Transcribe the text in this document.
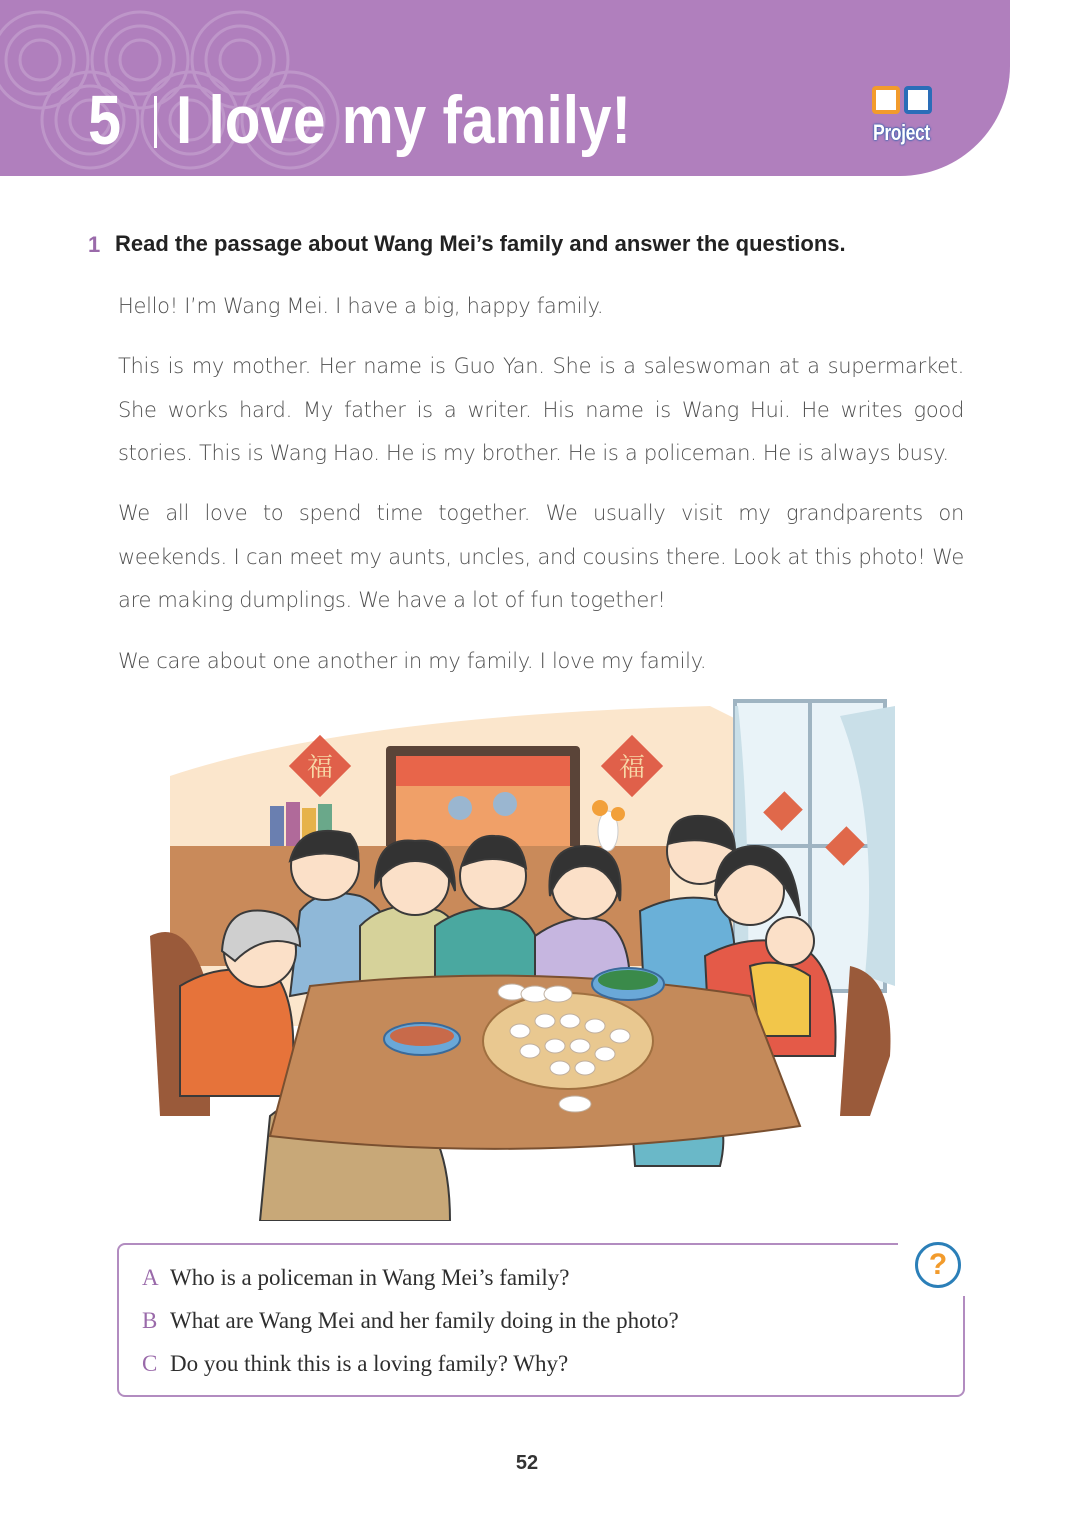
5 I love my family!	Project
1 Read the passage about Wang Mei’s family and answer the questions.
Hello! I’m Wang Mei. I have a big, happy family.
This is my mother. Her name is Guo Yan. She is a saleswoman at a supermarket. She works hard. My father is a writer. His name is Wang Hui. He writes good stories. This is Wang Hao. He is my brother. He is a policeman. He is always busy.
We all love to spend time together. We usually visit my grandparents on weekends. I can meet my aunts, uncles, and cousins there. Look at this photo! We are making dumplings. We have a lot of fun together!
We care about one another in my family. I love my family.
福	福
?
A Who is a policeman in Wang Mei’s family?
B What are Wang Mei and her family doing in the photo?
C Do you think this is a loving family? Why?
52
